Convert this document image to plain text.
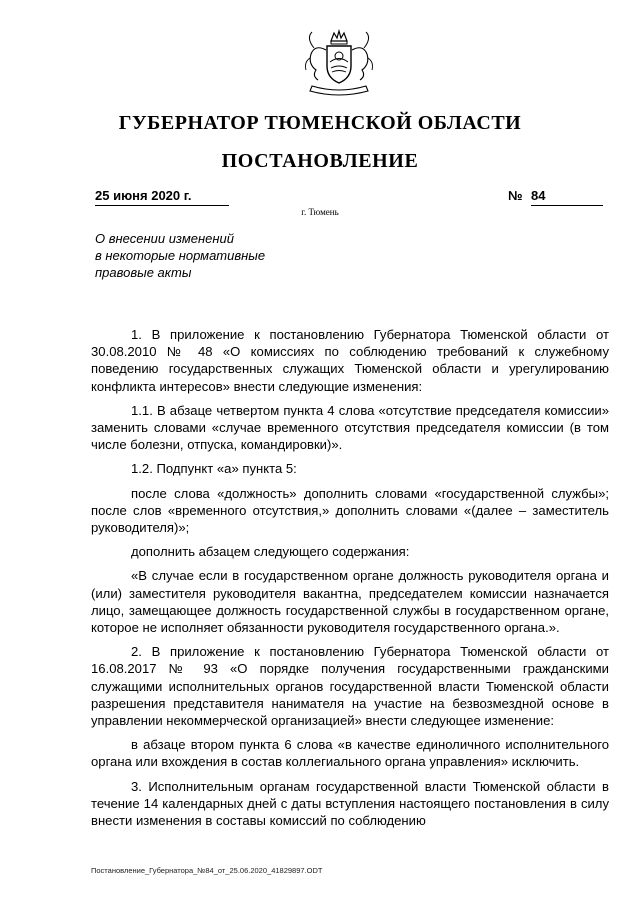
ГУБЕРНАТОР ТЮМЕНСКОЙ ОБЛАСТИ
ПОСТАНОВЛЕНИЕ
25 июня 2020 г.	№ 84
г. Тюмень
О внесении изменений
в некоторые нормативные
правовые акты

1. В приложение к постановлению Губернатора Тюменской области от 30.08.2010 № 48 «О комиссиях по соблюдению требований к служебному поведению государственных служащих Тюменской области и урегулированию конфликта интересов» внести следующие изменения:

1.1. В абзаце четвертом пункта 4 слова «отсутствие председателя комиссии» заменить словами «случае временного отсутствия председателя комиссии (в том числе болезни, отпуска, командировки)».

1.2. Подпункт «а» пункта 5:

после слова «должность» дополнить словами «государственной службы»; после слов «временного отсутствия,» дополнить словами «(далее – заместитель руководителя)»;

дополнить абзацем следующего содержания:

«В случае если в государственном органе должность руководителя органа и (или) заместителя руководителя вакантна, председателем комиссии назначается лицо, замещающее должность государственной службы в государственном органе, которое не исполняет обязанности руководителя государственного органа.».

2. В приложение к постановлению Губернатора Тюменской области от 16.08.2017 № 93 «О порядке получения государственными гражданскими служащими исполнительных органов государственной власти Тюменской области разрешения представителя нанимателя на участие на безвозмездной основе в управлении некоммерческой организацией» внести следующее изменение:

в абзаце втором пункта 6 слова «в качестве единоличного исполнительного органа или вхождения в состав коллегиального органа управления» исключить.

3. Исполнительным органам государственной власти Тюменской области в течение 14 календарных дней с даты вступления настоящего постановления в силу внести изменения в составы комиссий по соблюдению

Постановление_Губернатора_№84_от_25.06.2020_41829897.ODT
